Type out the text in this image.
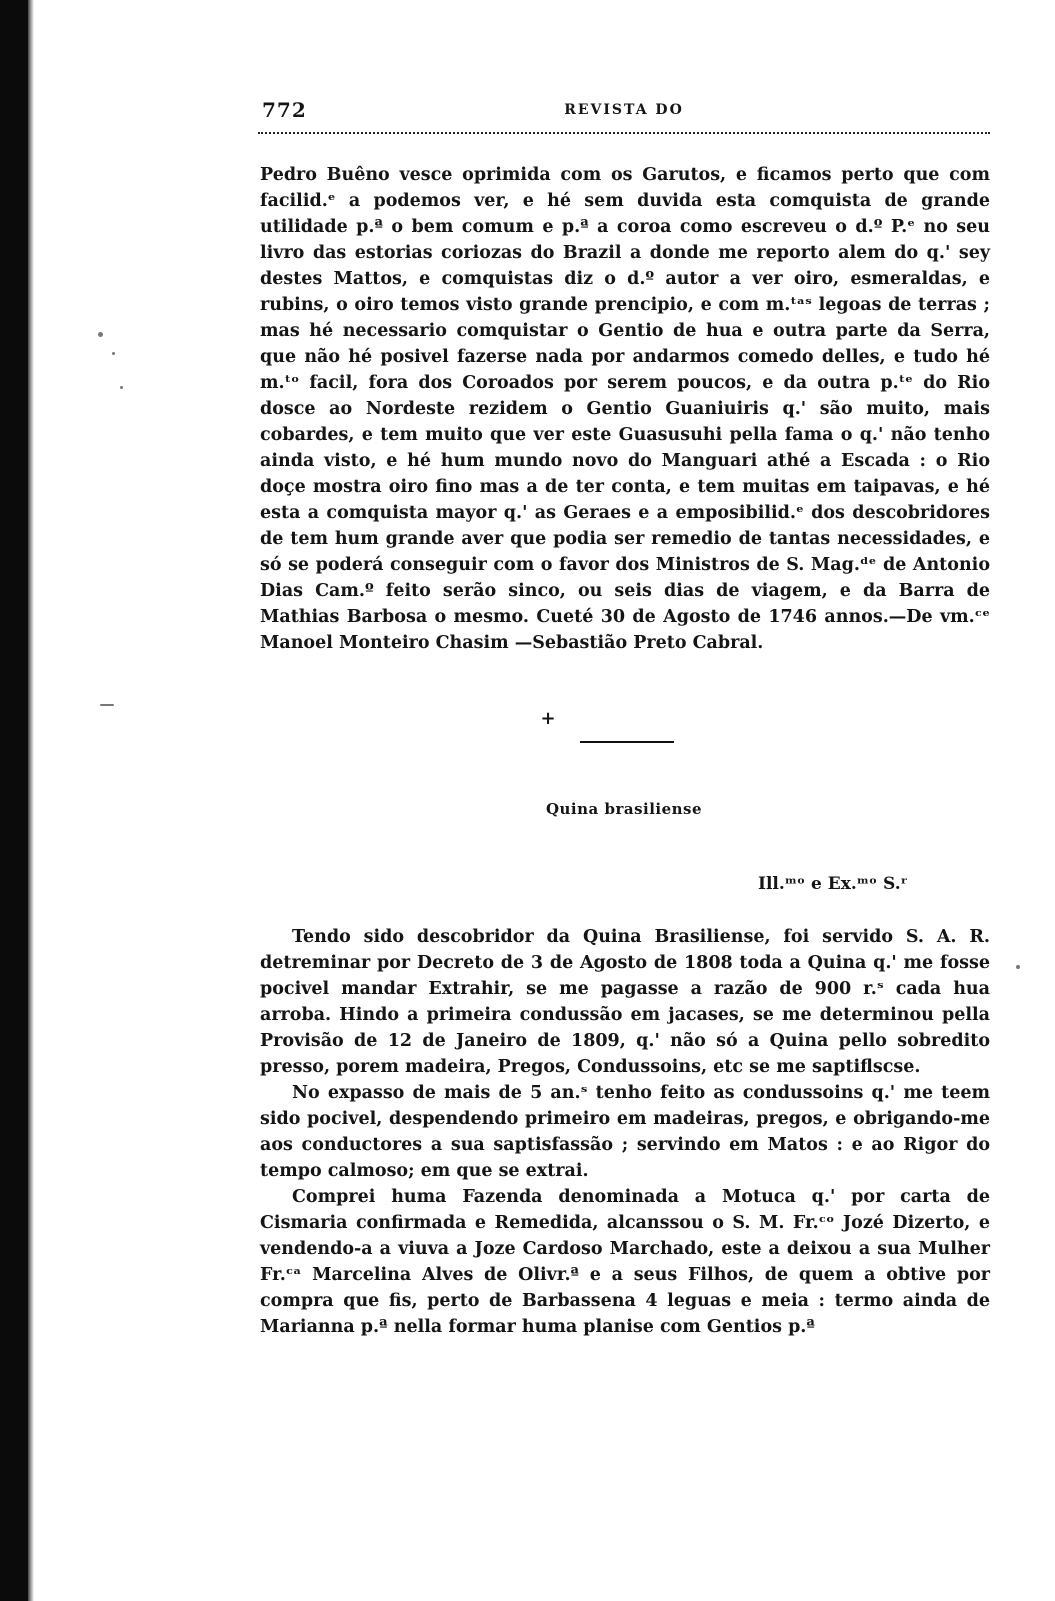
772	REVISTA DO

Pedro Buêno vesce oprimida com os Garutos, e ficamos perto que com facilid.ᵉ a podemos ver, e hé sem duvida esta comquista de grande utilidade p.ª o bem comum e p.ª a coroa como escreveu o d.º P.ᵉ no seu livro das estorias coriozas do Brazil a donde me reporto alem do q.' sey destes Mattos, e comquistas diz o d.º autor a ver oiro, esmeraldas, e rubins, o oiro temos visto grande prencipio, e com m.ᵗᵃˢ legoas de terras ; mas hé necessario comquistar o Gentio de hua e outra parte da Serra, que não hé posivel fazerse nada por andarmos comedo delles, e tudo hé m.ᵗᵒ facil, fora dos Coroados por serem poucos, e da outra p.ᵗᵉ do Rio dosce ao Nordeste rezidem o Gentio Guaniuiris q.' são muito, mais cobardes, e tem muito que ver este Guasusuhi pella fama o q.' não tenho ainda visto, e hé hum mundo novo do Manguari athé a Escada : o Rio doçe mostra oiro fino mas a de ter conta, e tem muitas em taipavas, e hé esta a comquista mayor q.' as Geraes e a emposibilid.ᵉ dos descobridores de tem hum grande aver que podia ser remedio de tantas necessidades, e só se poderá conseguir com o favor dos Ministros de S. Mag.ᵈᵉ de Antonio Dias Cam.º feito serão sinco, ou seis dias de viagem, e da Barra de Mathias Barbosa o mesmo. Cueté 30 de Agosto de 1746 annos.—De vm.ᶜᵉ Manoel Monteiro Chasim —Sebastião Preto Cabral.

+
Quina brasiliense
Ill.ᵐᵒ e Ex.ᵐᵒ S.ʳ

Tendo sido descobridor da Quina Brasiliense, foi servido S. A. R. detreminar por Decreto de 3 de Agosto de 1808 toda a Quina q.' me fosse pocivel mandar Extrahir, se me pagasse a razão de 900 r.ˢ cada hua arroba. Hindo a primeira condussão em jacases, se me determinou pella Provisão de 12 de Janeiro de 1809, q.' não só a Quina pello sobredito presso, porem madeira, Pregos, Condussoins, etc se me saptiflscse.

No expasso de mais de 5 an.ˢ tenho feito as condussoins q.' me teem sido pocivel, despendendo primeiro em madeiras, pregos, e obrigando-me aos conductores a sua saptisfassão ; servindo em Matos : e ao Rigor do tempo calmoso; em que se extrai.

Comprei huma Fazenda denominada a Motuca q.' por carta de Cismaria confirmada e Remedida, alcanssou o S. M. Fr.ᶜᵒ Jozé Dizerto, e vendendo-a a viuva a Joze Cardoso Marchado, este a deixou a sua Mulher Fr.ᶜᵃ Marcelina Alves de Olivr.ª e a seus Filhos, de quem a obtive por compra que fis, perto de Barbassena 4 leguas e meia : termo ainda de Marianna p.ª nella formar huma planise com Gentios p.ª
